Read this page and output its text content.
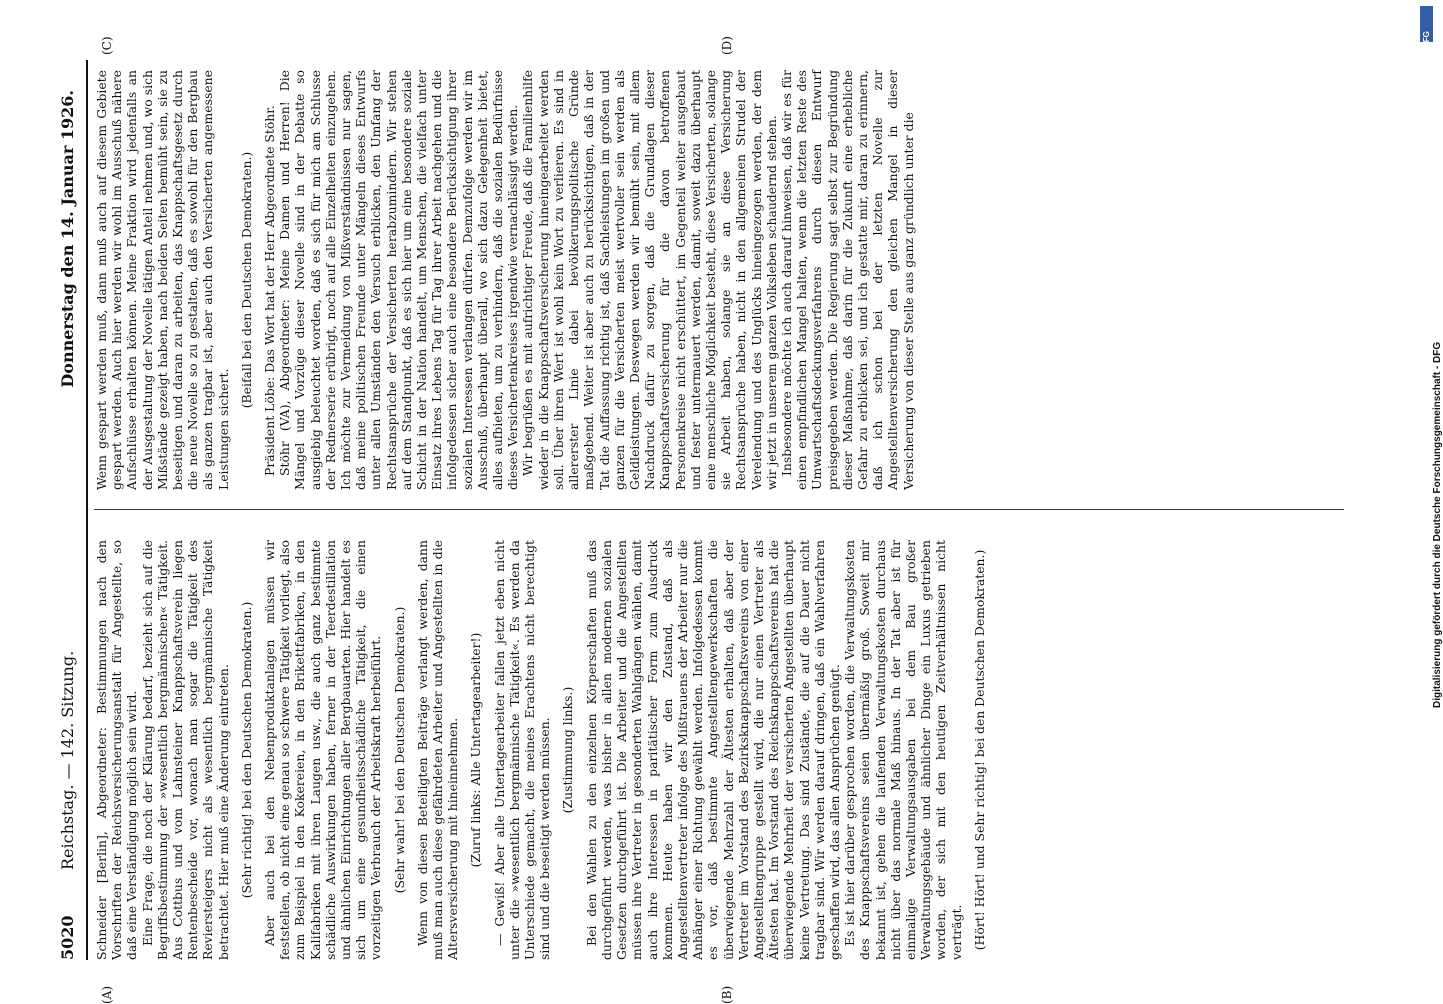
5020
Reichstag. — 142. Sitzung.
Donnerstag den 14. Januar 1926.
(A)	(B)
(C)	(D)

Schneider [Berlin], Abgeordneter: Bestimmungen nach den Vorschriften der Reichsversicherungsanstalt für Angestellte, so daß eine Verständigung möglich sein wird. Eine Frage, die noch der Klärung bedarf, bezieht sich auf die Begriffsbestimmung der »wesentlich bergmännischen« Tätigkeit. Aus Cottbus und vom Lahnsteiner Knappschaftsverein liegen Rentenbescheide vor, wonach man sogar die Tätigkeit des Reviersteigers nicht als wesentlich bergmännische Tätigkeit betrachtet. Hier muß eine Änderung eintreten. (Sehr richtig! bei den Deutschen Demokraten.) Aber auch bei den Nebenproduktanlagen müssen wir feststellen, ob nicht eine genau so schwere Tätigkeit vorliegt, also zum Beispiel in den Kokereien, in den Brikettfabriken, in den Kalifabriken mit ihren Laugen usw., die auch ganz bestimmte schädliche Auswirkungen haben, ferner in der Teerdestillation und ähnlichen Einrichtungen aller Bergbauarten. Hier handelt es sich um eine gesundheitsschädliche Tätigkeit, die einen vorzeitigen Verbrauch der Arbeitskraft herbeiführt. (Sehr wahr! bei den Deutschen Demokraten.) Wenn von diesen Beteiligten Beiträge verlangt werden, dann muß man auch diese gefährdeten Arbeiter und Angestellten in die Altersversicherung mit hineinnehmen. (Zuruf links: Alle Untertagearbeiter!) — Gewiß! Aber alle Untertagearbeiter fallen jetzt eben nicht unter die »wesentlich bergmännische Tätigkeit«. Es werden da Unterschiede gemacht, die meines Erachtens nicht berechtigt sind und die beseitigt werden müssen. (Zustimmung links.) Bei den Wahlen zu den einzelnen Körperschaften muß das durchgeführt werden, was bisher in allen modernen sozialen Gesetzen durchgeführt ist. Die Arbeiter und die Angestellten müssen ihre Vertreter in gesonderten Wahlgängen wählen, damit auch ihre Interessen in paritätischer Form zum Ausdruck kommen. Heute haben wir den Zustand, daß als Angestelltenvertreter infolge des Mißtrauens der Arbeiter nur die Anhänger einer Richtung gewählt werden. Infolgedessen kommt es vor, daß bestimmte Angestelltengewerkschaften die überwiegende Mehrzahl der Ältesten erhalten, daß aber der Vertreter im Vorstand des Bezirksknappschaftsvereins von einer Angestelltengruppe gestellt wird, die nur einen Vertreter als Ältesten hat. Im Vorstand des Reichsknappschaftsvereins hat die überwiegende Mehrheit der versicherten Angestellten überhaupt keine Vertretung. Das sind Zustände, die auf die Dauer nicht tragbar sind. Wir werden darauf dringen, daß ein Wahlverfahren geschaffen wird, das allen Ansprüchen genügt. Es ist hier darüber gesprochen worden, die Verwaltungskosten des Knappschaftsvereins seien übermäßig groß. Soweit mir bekannt ist, gehen die laufenden Verwaltungskosten durchaus nicht über das normale Maß hinaus. In der Tat aber ist für einmalige Verwaltungsausgaben bei dem Bau großer Verwaltungsgebäude und ähnlicher Dinge ein Luxus getrieben worden, der sich mit den heutigen Zeitverhältnissen nicht verträgt. (Hört! Hört! und Sehr richtig! bei den Deutschen Demokraten.)

Wenn gespart werden muß, dann muß auch auf diesem Gebiete gespart werden. Auch hier werden wir wohl im Ausschuß nähere Aufschlüsse erhalten können. Meine Fraktion wird jedenfalls an der Ausgestaltung der Novelle tätigen Anteil nehmen und, wo sich Mißstände gezeigt haben, nach beiden Seiten bemüht sein, sie zu beseitigen und daran zu arbeiten, das Knappschaftsgesetz durch die neue Novelle so zu gestalten, daß es sowohl für den Bergbau als ganzen tragbar ist, aber auch den Versicherten angemessene Leistungen sichert.

(Beifall bei den Deutschen Demokraten.) Präsident Löbe: Das Wort hat der Herr Abgeordnete Stöhr. Stöhr (VA), Abgeordneter: Meine Damen und Herren! Die Mängel und Vorzüge dieser Novelle sind in der Debatte so ausgiebig beleuchtet worden, daß es sich für mich am Schlusse der Rednerserie erübrigt, noch auf alle Einzelheiten einzugehen. Ich möchte zur Vermeidung von Mißverständnissen nur sagen, daß meine politischen Freunde unter Mängeln dieses Entwurfs unter allen Umständen den Versuch erblicken, den Umfang der Rechtsansprüche der Versicherten herabzumindern. Wir stehen auf dem Standpunkt, daß es sich hier um eine besondere soziale Schicht in der Nation handelt, um Menschen, die vielfach unter Einsatz ihres Lebens Tag für Tag ihrer Arbeit nachgehen und die infolgedessen sicher auch eine besondere Berücksichtigung ihrer sozialen Interessen verlangen dürfen. Demzufolge werden wir im Ausschuß, überhaupt überall, wo sich dazu Gelegenheit bietet, alles aufbieten, um zu verhindern, daß die sozialen Bedürfnisse dieses Versichertenkreises irgendwie vernachlässigt werden. Wir begrüßen es mit aufrichtiger Freude, daß die Familienhilfe wieder in die Knappschaftsversicherung hineingearbeitet werden soll. Über ihren Wert ist wohl kein Wort zu verlieren. Es sind in allererster Linie dabei bevölkerungspolitische Gründe maßgebend. Weiter ist aber auch zu berücksichtigen, daß in der Tat die Auffassung richtig ist, daß Sachleistungen im großen und ganzen für die Versicherten meist wertvoller sein werden als Geldleistungen. Deswegen werden wir bemüht sein, mit allem Nachdruck dafür zu sorgen, daß die Grundlagen dieser Knappschaftsversicherung für die davon betroffenen Personenkreise nicht erschüttert, im Gegenteil weiter ausgebaut und fester untermauert werden, damit, soweit dazu überhaupt eine menschliche Möglichkeit besteht, diese Versicherten, solange sie Arbeit haben, solange sie an diese Versicherung Rechtsansprüche haben, nicht in den allgemeinen Strudel der Verelendung und des Unglücks hineingezogen werden, der dem wir jetzt in unserem ganzen Volksleben schaudernd stehen. Insbesondere möchte ich auch darauf hinweisen, daß wir es für einen empfindlichen Mangel halten, wenn die letzten Reste des Umwartschaftsdeckungsverfahrens durch diesen Entwurf preisgegeben werden. Die Regierung sagt selbst zur Begründung dieser Maßnahme, daß darin für die Zukunft eine erhebliche Gefahr zu erblicken sei, und ich gestatte mir, daran zu erinnern, daß ich schon bei der letzten Novelle zur Angestelltenversicherung den gleichen Mangel in dieser Versicherung von dieser Stelle aus ganz gründlich unter die

Digitalisierung gefördert durch die Deutsche Forschungsgemeinschaft - DFG
DFG
